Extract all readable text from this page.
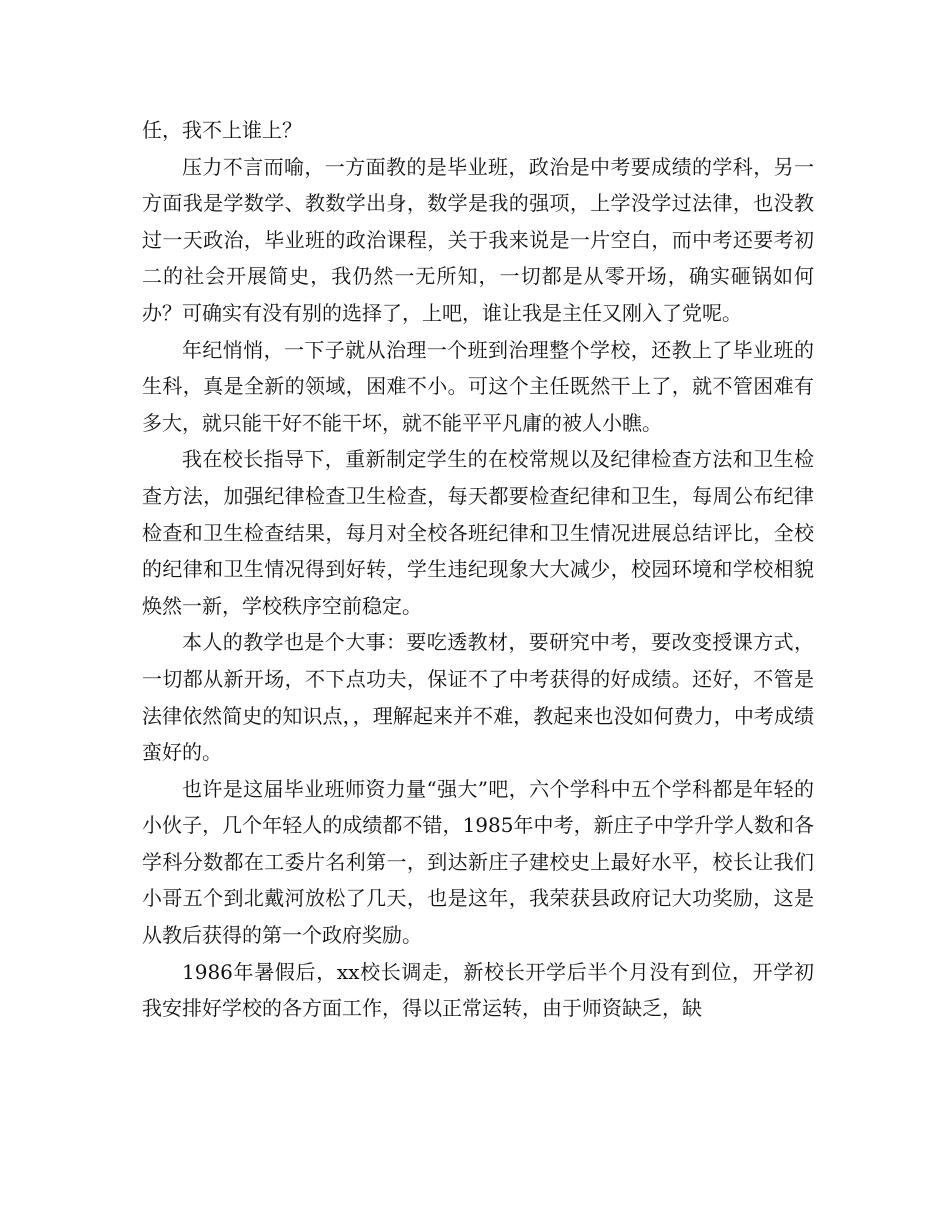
任，我不上谁上？

压力不言而喻，一方面教的是毕业班，政治是中考要成绩的学科，另一方面我是学数学、教数学出身，数学是我的强项，上学没学过法律，也没教过一天政治，毕业班的政治课程，关于我来说是一片空白，而中考还要考初二的社会开展简史，我仍然一无所知，一切都是从零开场，确实砸锅如何办？可确实有没有别的选择了，上吧，谁让我是主任又刚入了党呢。

年纪悄悄，一下子就从治理一个班到治理整个学校，还教上了毕业班的生科，真是全新的领域，困难不小。可这个主任既然干上了，就不管困难有多大，就只能干好不能干坏，就不能平平凡庸的被人小瞧。

我在校长指导下，重新制定学生的在校常规以及纪律检查方法和卫生检查方法，加强纪律检查卫生检查，每天都要检查纪律和卫生，每周公布纪律检查和卫生检查结果，每月对全校各班纪律和卫生情况进展总结评比，全校的纪律和卫生情况得到好转，学生违纪现象大大减少，校园环境和学校相貌焕然一新，学校秩序空前稳定。

本人的教学也是个大事：要吃透教材，要研究中考，要改变授课方式，一切都从新开场，不下点功夫，保证不了中考获得的好成绩。还好，不管是法律依然简史的知识点，，理解起来并不难，教起来也没如何费力，中考成绩蛮好的。

也许是这届毕业班师资力量“强大”吧，六个学科中五个学科都是年轻的小伙子，几个年轻人的成绩都不错，1985年中考，新庄子中学升学人数和各学科分数都在工委片名利第一，到达新庄子建校史上最好水平，校长让我们小哥五个到北戴河放松了几天，也是这年，我荣获县政府记大功奖励，这是从教后获得的第一个政府奖励。

1986年暑假后，xx校长调走，新校长开学后半个月没有到位，开学初我安排好学校的各方面工作，得以正常运转，由于师资缺乏，缺
